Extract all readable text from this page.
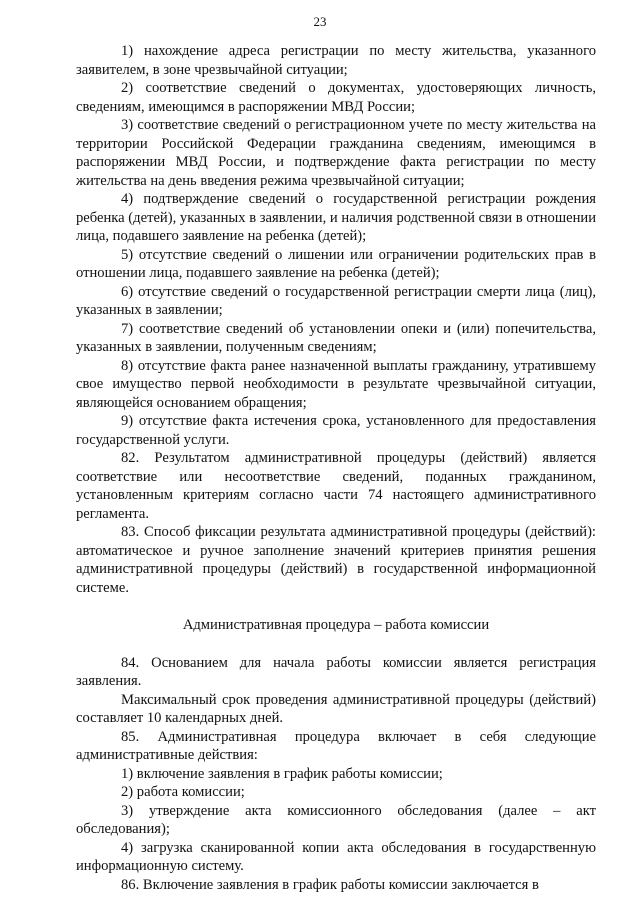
23

1) нахождение адреса регистрации по месту жительства, указанного заявителем, в зоне чрезвычайной ситуации;

2) соответствие сведений о документах, удостоверяющих личность, сведениям, имеющимся в распоряжении МВД России;

3) соответствие сведений о регистрационном учете по месту жительства на территории Российской Федерации гражданина сведениям, имеющимся в распоряжении МВД России, и подтверждение факта регистрации по месту жительства на день введения режима чрезвычайной ситуации;

4) подтверждение сведений о государственной регистрации рождения ребенка (детей), указанных в заявлении, и наличия родственной связи в отношении лица, подавшего заявление на ребенка (детей);

5) отсутствие сведений о лишении или ограничении родительских прав в отношении лица, подавшего заявление на ребенка (детей);

6) отсутствие сведений о государственной регистрации смерти лица (лиц), указанных в заявлении;

7) соответствие сведений об установлении опеки и (или) попечительства, указанных в заявлении, полученным сведениям;

8) отсутствие факта ранее назначенной выплаты гражданину, утратившему свое имущество первой необходимости в результате чрезвычайной ситуации, являющейся основанием обращения;

9) отсутствие факта истечения срока, установленного для предоставления государственной услуги.

82. Результатом административной процедуры (действий) является соответствие или несоответствие сведений, поданных гражданином, установленным критериям согласно части 74 настоящего административного регламента.

83. Способ фиксации результата административной процедуры (действий): автоматическое и ручное заполнение значений критериев принятия решения административной процедуры (действий) в государственной информационной системе.

Административная процедура – работа комиссии

84. Основанием для начала работы комиссии является регистрация заявления.

Максимальный срок проведения административной процедуры (действий) составляет 10 календарных дней.

85. Административная процедура включает в себя следующие административные действия:

1) включение заявления в график работы комиссии;

2) работа комиссии;

3) утверждение акта комиссионного обследования (далее – акт обследования);

4) загрузка сканированной копии акта обследования в государственную информационную систему.

86. Включение заявления в график работы комиссии заключается в
